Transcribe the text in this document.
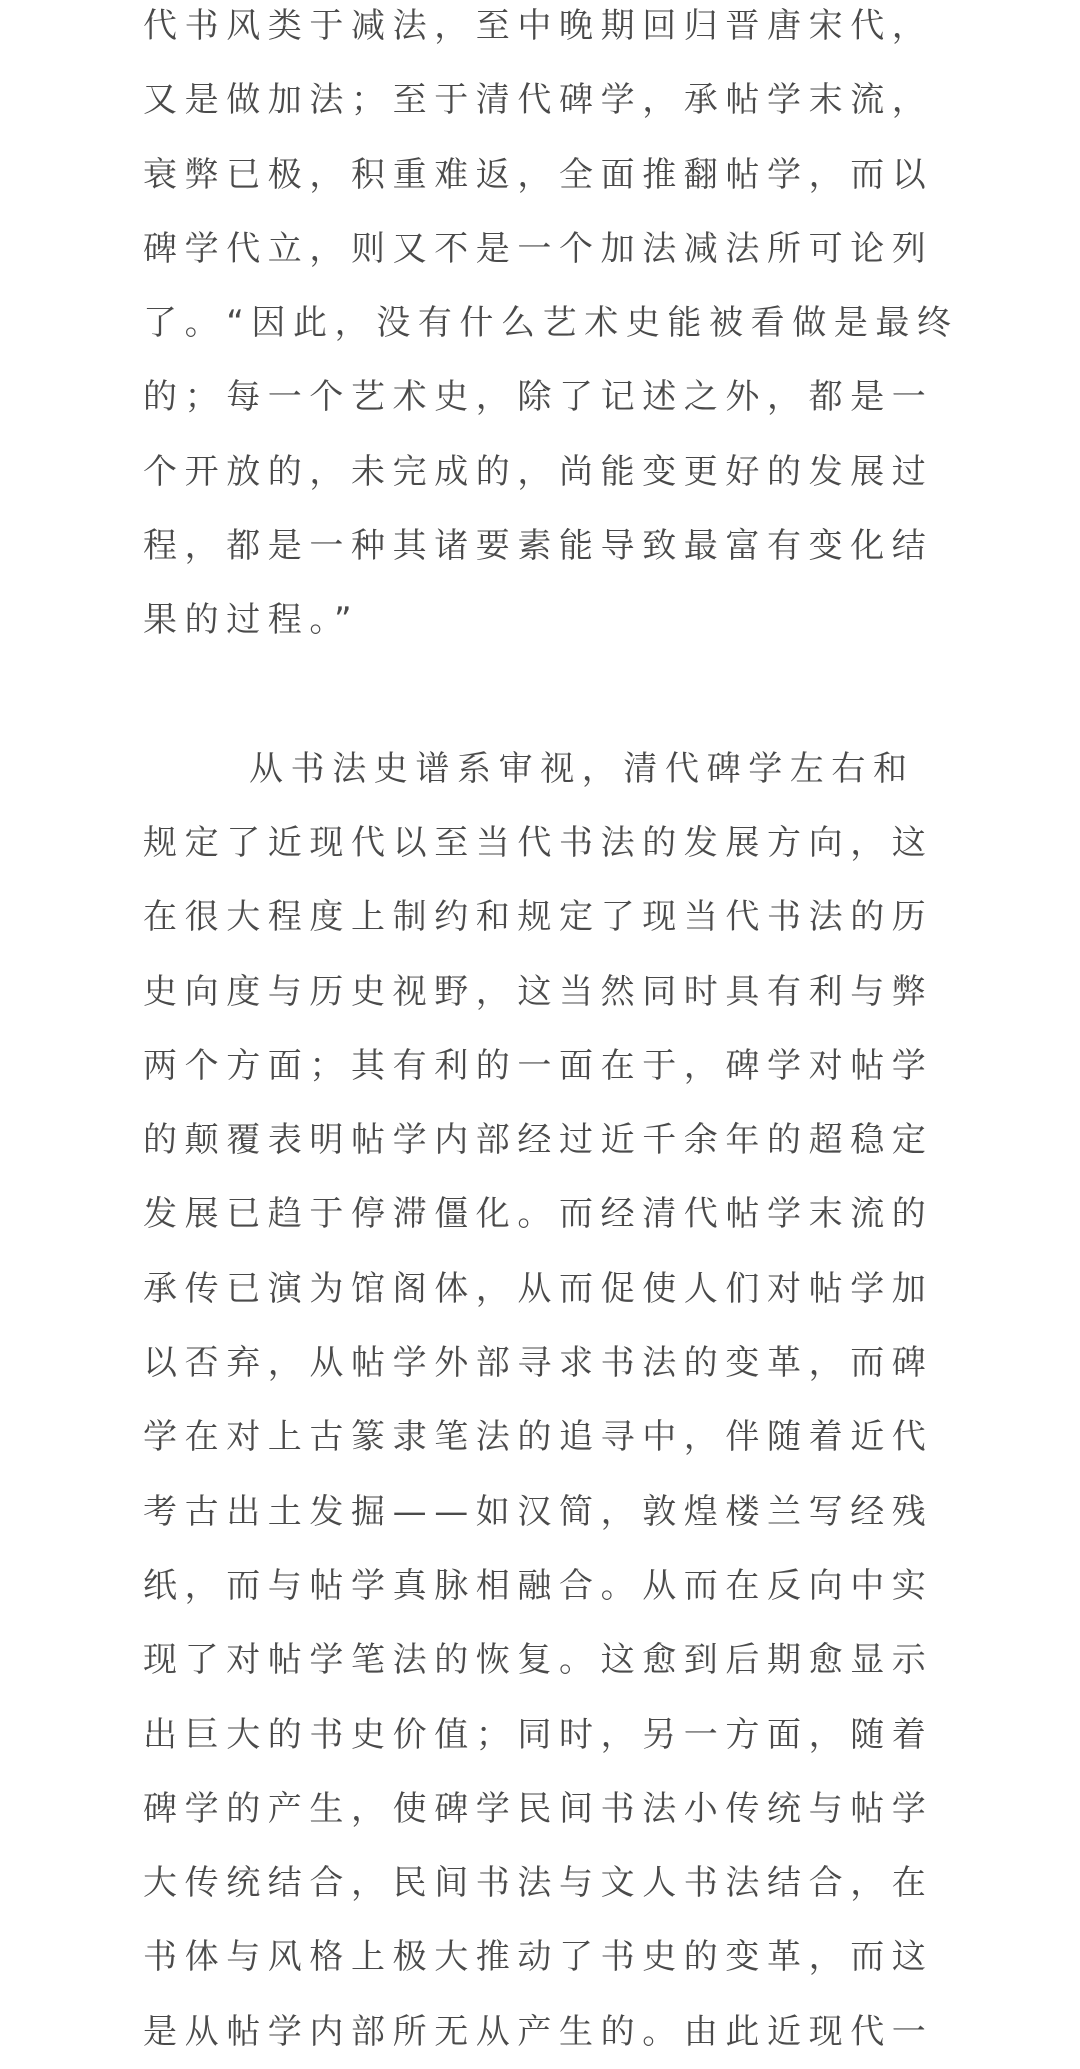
代书风类于减法，至中晚期回归晋唐宋代，
又是做加法；至于清代碑学，承帖学末流，
衰弊已极，积重难返，全面推翻帖学，而以
碑学代立，则又不是一个加法减法所可论列
了。“因此，没有什么艺术史能被看做是最终
的；每一个艺术史，除了记述之外，都是一
个开放的，未完成的，尚能变更好的发展过
程，都是一种其诸要素能导致最富有变化结
果的过程。”
从书法史谱系审视，清代碑学左右和
规定了近现代以至当代书法的发展方向，这
在很大程度上制约和规定了现当代书法的历
史向度与历史视野，这当然同时具有利与弊
两个方面；其有利的一面在于，碑学对帖学
的颠覆表明帖学内部经过近千余年的超稳定
发展已趋于停滞僵化。而经清代帖学末流的
承传已演为馆阁体，从而促使人们对帖学加
以否弃，从帖学外部寻求书法的变革，而碑
学在对上古篆隶笔法的追寻中，伴随着近代
考古出土发掘——如汉简，敦煌楼兰写经残
纸，而与帖学真脉相融合。从而在反向中实
现了对帖学笔法的恢复。这愈到后期愈显示
出巨大的书史价值；同时，另一方面，随着
碑学的产生，使碑学民间书法小传统与帖学
大传统结合，民间书法与文人书法结合，在
书体与风格上极大推动了书史的变革，而这
是从帖学内部所无从产生的。由此近现代一
